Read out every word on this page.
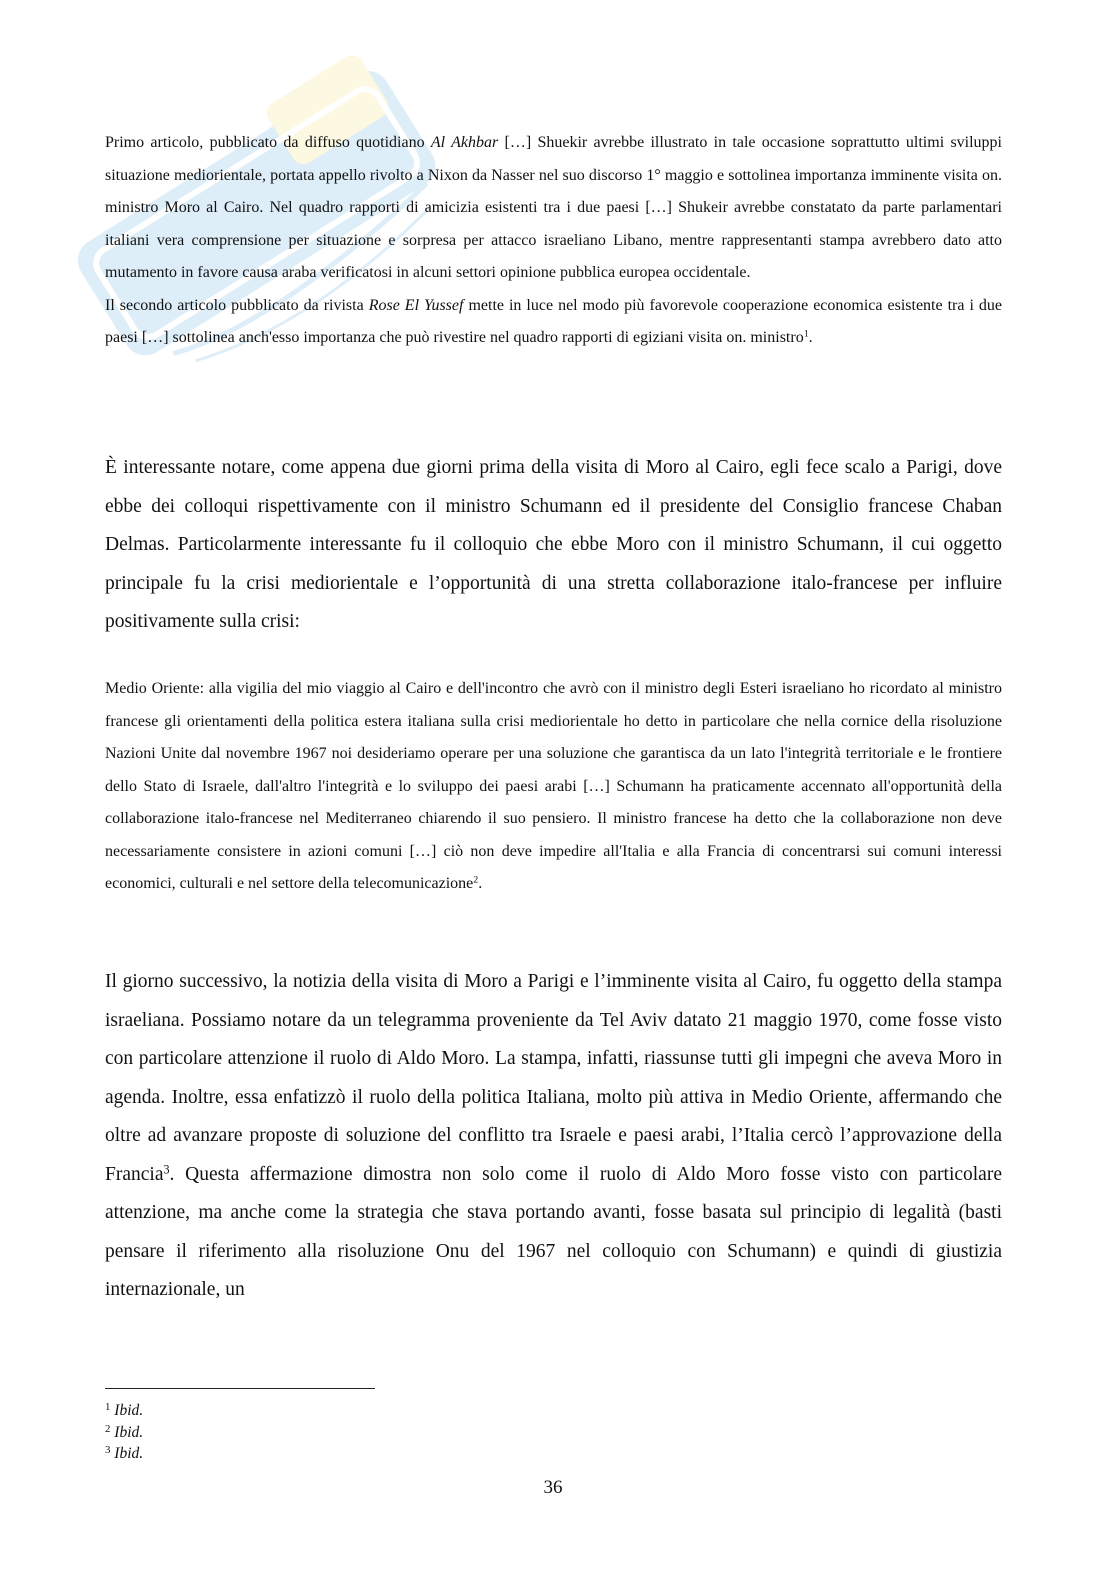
Primo articolo, pubblicato da diffuso quotidiano Al Akhbar […] Shuekir avrebbe illustrato in tale occasione soprattutto ultimi sviluppi situazione mediorientale, portata appello rivolto a Nixon da Nasser nel suo discorso 1° maggio e sottolinea importanza imminente visita on. ministro Moro al Cairo. Nel quadro rapporti di amicizia esistenti tra i due paesi […] Shukeir avrebbe constatato da parte parlamentari italiani vera comprensione per situazione e sorpresa per attacco israeliano Libano, mentre rappresentanti stampa avrebbero dato atto mutamento in favore causa araba verificatosi in alcuni settori opinione pubblica europea occidentale.
Il secondo articolo pubblicato da rivista Rose El Yussef mette in luce nel modo più favorevole cooperazione economica esistente tra i due paesi […] sottolinea anch'esso importanza che può rivestire nel quadro rapporti di egiziani visita on. ministro$^1$.
È interessante notare, come appena due giorni prima della visita di Moro al Cairo, egli fece scalo a Parigi, dove ebbe dei colloqui rispettivamente con il ministro Schumann ed il presidente del Consiglio francese Chaban Delmas. Particolarmente interessante fu il colloquio che ebbe Moro con il ministro Schumann, il cui oggetto principale fu la crisi mediorientale e l’opportunità di una stretta collaborazione italo-francese per influire positivamente sulla crisi:
Medio Oriente: alla vigilia del mio viaggio al Cairo e dell'incontro che avrò con il ministro degli Esteri israeliano ho ricordato al ministro francese gli orientamenti della politica estera italiana sulla crisi mediorientale ho detto in particolare che nella cornice della risoluzione Nazioni Unite dal novembre 1967 noi desideriamo operare per una soluzione che garantisca da un lato l'integrità territoriale e le frontiere dello Stato di Israele, dall'altro l'integrità e lo sviluppo dei paesi arabi […] Schumann ha praticamente accennato all'opportunità della collaborazione italo-francese nel Mediterraneo chiarendo il suo pensiero. Il ministro francese ha detto che la collaborazione non deve necessariamente consistere in azioni comuni […] ciò non deve impedire all'Italia e alla Francia di concentrarsi sui comuni interessi economici, culturali e nel settore della telecomunicazione$^2$.
Il giorno successivo, la notizia della visita di Moro a Parigi e l’imminente visita al Cairo, fu oggetto della stampa israeliana. Possiamo notare da un telegramma proveniente da Tel Aviv datato 21 maggio 1970, come fosse visto con particolare attenzione il ruolo di Aldo Moro. La stampa, infatti, riassunse tutti gli impegni che aveva Moro in agenda. Inoltre, essa enfatizzò il ruolo della politica Italiana, molto più attiva in Medio Oriente, affermando che oltre ad avanzare proposte di soluzione del conflitto tra Israele e paesi arabi, l’Italia cercò l’approvazione della Francia$^3$. Questa affermazione dimostra non solo come il ruolo di Aldo Moro fosse visto con particolare attenzione, ma anche come la strategia che stava portando avanti, fosse basata sul principio di legalità (basti pensare il riferimento alla risoluzione Onu del 1967 nel colloquio con Schumann) e quindi di giustizia internazionale, un
$^1$ Ibid.
$^2$ Ibid.
$^3$ Ibid.
36
